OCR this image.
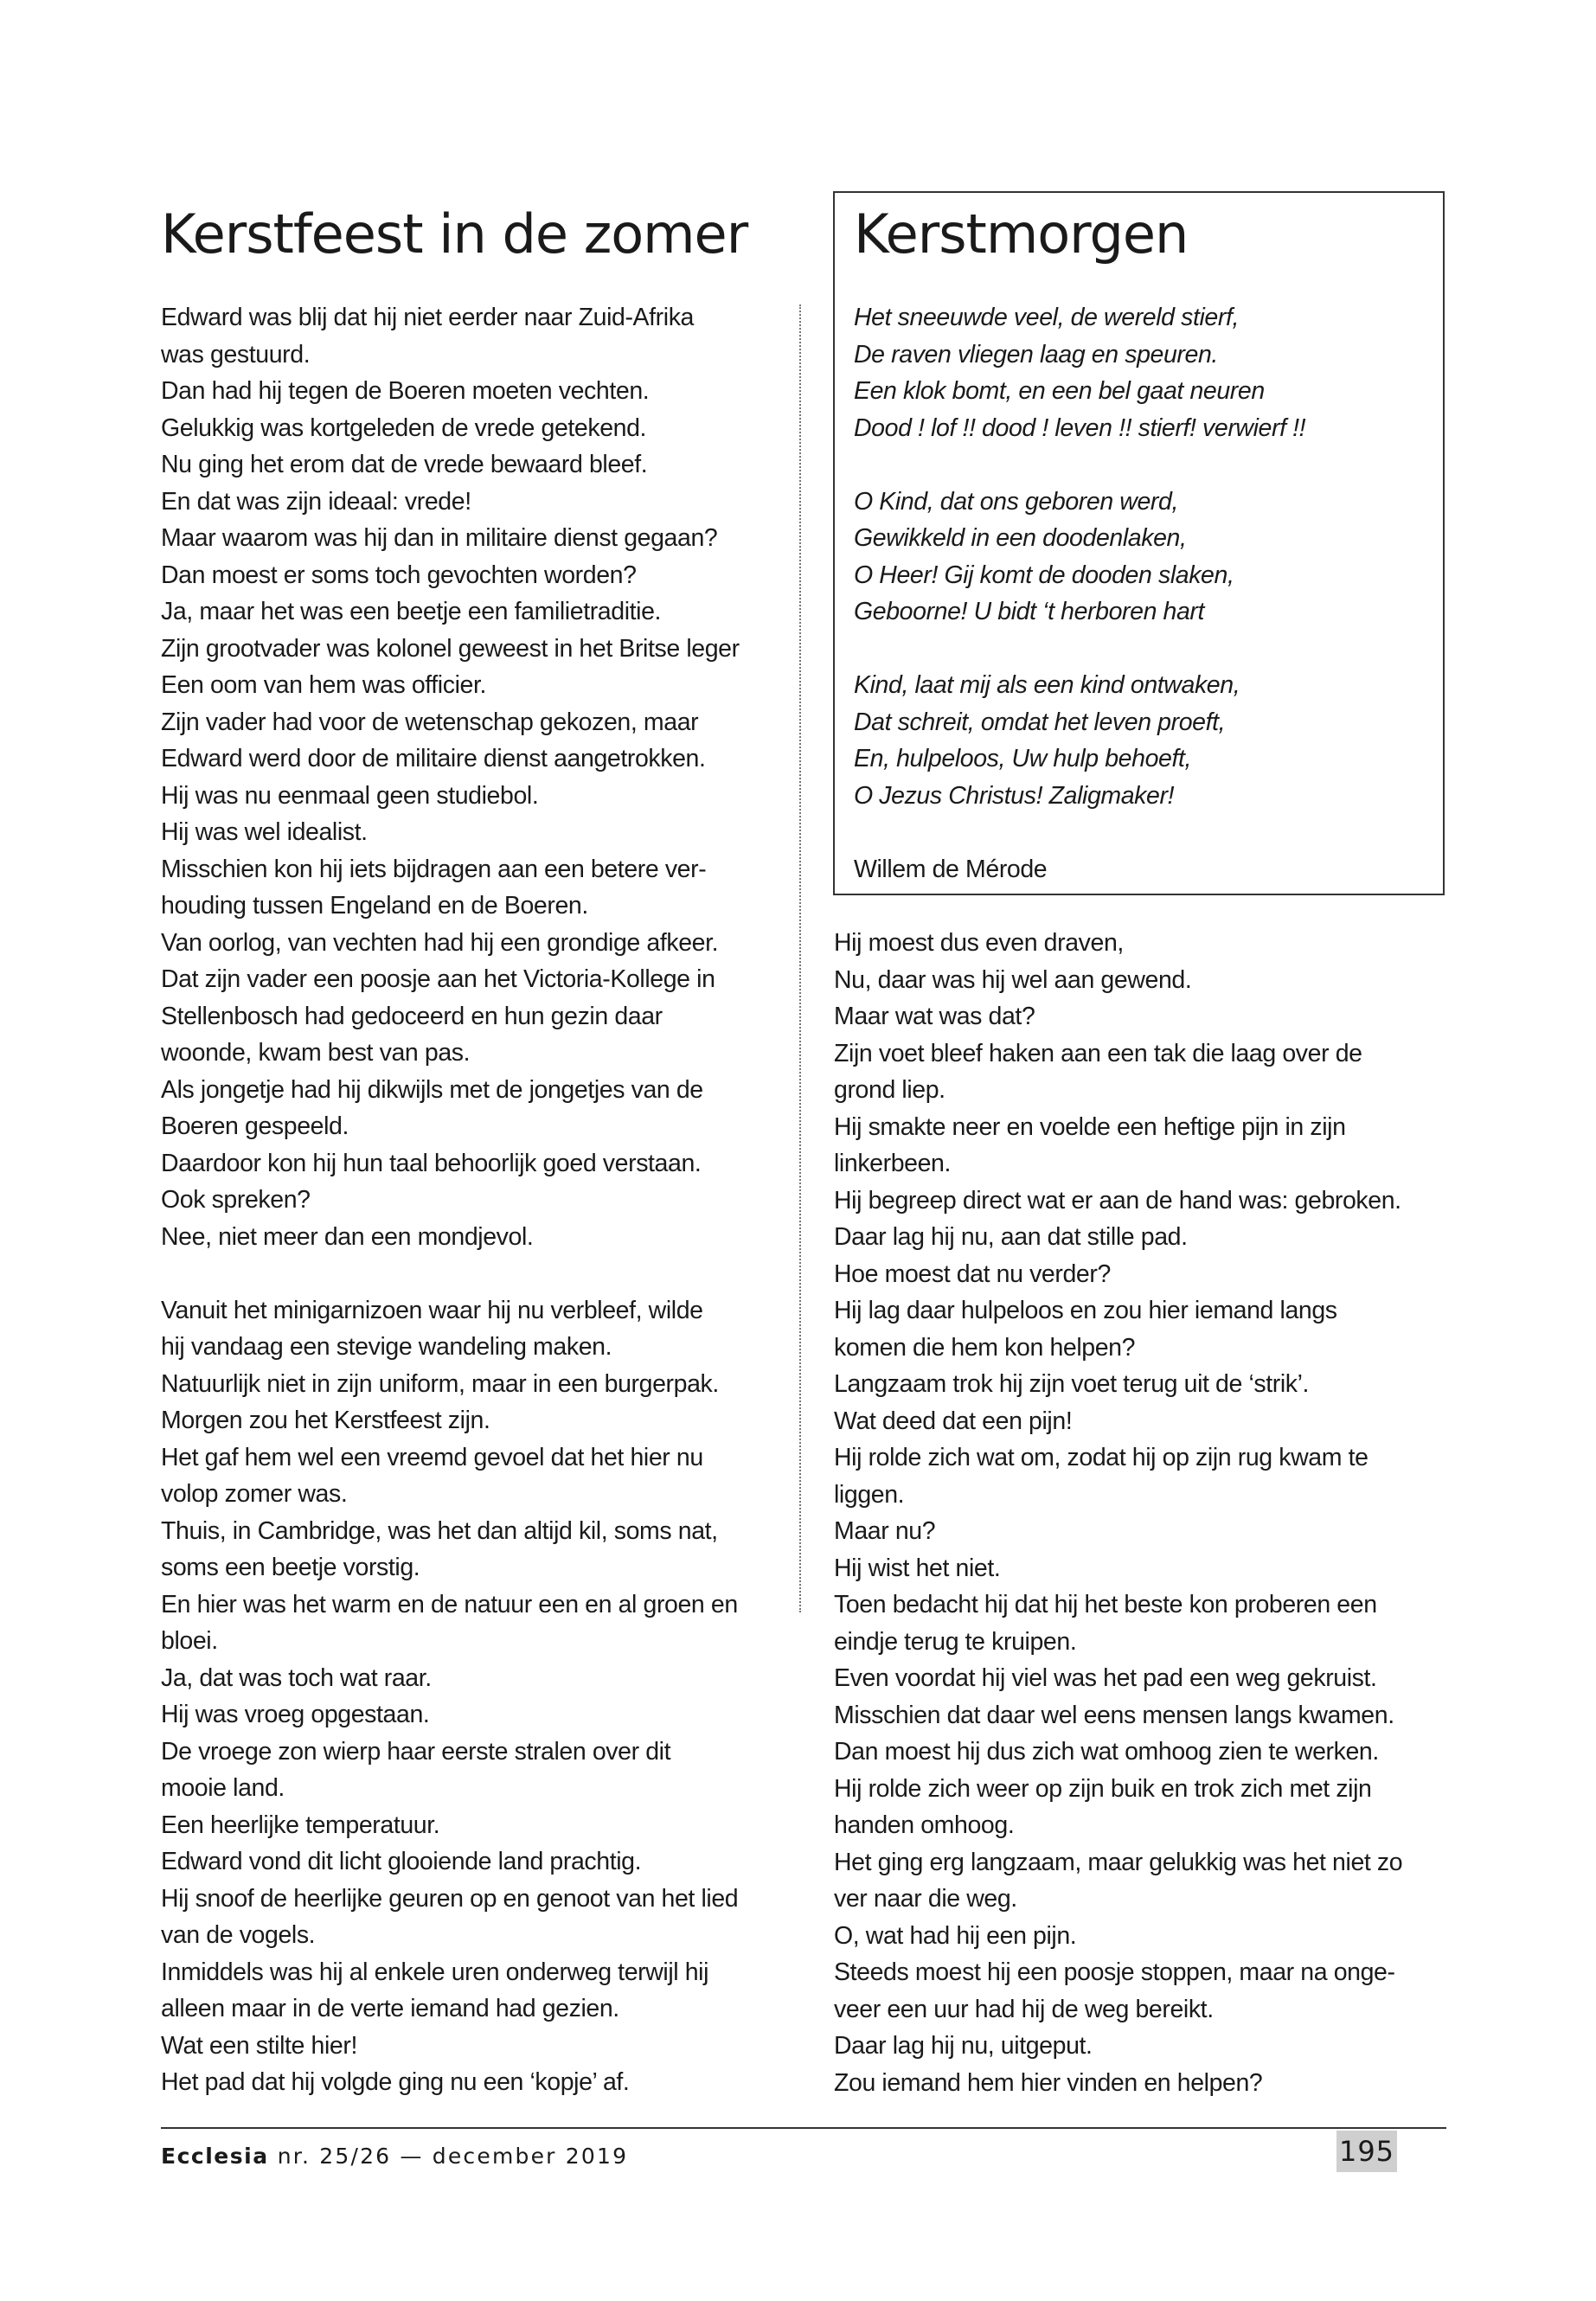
Kerstfeest in de zomer Kerstmorgen
Het sneeuwde veel, de wereld stierf,
De raven vliegen laag en speuren.
Een klok bomt, en een bel gaat neuren
Dood ! lof !! dood ! leven !! stierf! verwierf !!
O Kind, dat ons geboren werd,
Gewikkeld in een doodenlaken,
O Heer! Gij komt de dooden slaken,
Geboorne! U bidt ‘t herboren hart
Kind, laat mij als een kind ontwaken,
Dat schreit, omdat het leven proeft,
En, hulpeloos, Uw hulp behoeft,
O Jezus Christus! Zaligmaker!
Willem de Mérode
Edward was blij dat hij niet eerder naar Zuid-Afrika
was gestuurd.
Dan had hij tegen de Boeren moeten vechten.
Gelukkig was kortgeleden de vrede getekend.
Nu ging het erom dat de vrede bewaard bleef.
En dat was zijn ideaal: vrede!
Maar waarom was hij dan in militaire dienst gegaan?
Dan moest er soms toch gevochten worden?
Ja, maar het was een beetje een familietraditie.
Zijn grootvader was kolonel geweest in het Britse leger
Een oom van hem was officier.
Zijn vader had voor de wetenschap gekozen, maar
Edward werd door de militaire dienst aangetrokken.
Hij was nu eenmaal geen studiebol.
Hij was wel idealist.
Misschien kon hij iets bijdragen aan een betere ver-
houding tussen Engeland en de Boeren.
Van oorlog, van vechten had hij een grondige afkeer.
Dat zijn vader een poosje aan het Victoria-Kollege in
Stellenbosch had gedoceerd en hun gezin daar
woonde, kwam best van pas.
Als jongetje had hij dikwijls met de jongetjes van de
Boeren gespeeld.
Daardoor kon hij hun taal behoorlijk goed verstaan.
Ook spreken?
Nee, niet meer dan een mondjevol.
Vanuit het minigarnizoen waar hij nu verbleef, wilde
hij vandaag een stevige wandeling maken.
Natuurlijk niet in zijn uniform, maar in een burgerpak.
Morgen zou het Kerstfeest zijn.
Het gaf hem wel een vreemd gevoel dat het hier nu
volop zomer was.
Thuis, in Cambridge, was het dan altijd kil, soms nat,
soms een beetje vorstig.
En hier was het warm en de natuur een en al groen en
bloei.
Ja, dat was toch wat raar.
Hij was vroeg opgestaan.
De vroege zon wierp haar eerste stralen over dit
mooie land.
Een heerlijke temperatuur.
Edward vond dit licht glooiende land prachtig.
Hij snoof de heerlijke geuren op en genoot van het lied
van de vogels.
Inmiddels was hij al enkele uren onderweg terwijl hij
alleen maar in de verte iemand had gezien.
Wat een stilte hier!
Het pad dat hij volgde ging nu een ‘kopje’ af.
Hij moest dus even draven,
Nu, daar was hij wel aan gewend.
Maar wat was dat?
Zijn voet bleef haken aan een tak die laag over de
grond liep.
Hij smakte neer en voelde een heftige pijn in zijn
linkerbeen.
Hij begreep direct wat er aan de hand was: gebroken.
Daar lag hij nu, aan dat stille pad.
Hoe moest dat nu verder?
Hij lag daar hulpeloos en zou hier iemand langs
komen die hem kon helpen?
Langzaam trok hij zijn voet terug uit de ‘strik’.
Wat deed dat een pijn!
Hij rolde zich wat om, zodat hij op zijn rug kwam te
liggen.
Maar nu?
Hij wist het niet.
Toen bedacht hij dat hij het beste kon proberen een
eindje terug te kruipen.
Even voordat hij viel was het pad een weg gekruist.
Misschien dat daar wel eens mensen langs kwamen.
Dan moest hij dus zich wat omhoog zien te werken.
Hij rolde zich weer op zijn buik en trok zich met zijn
handen omhoog.
Het ging erg langzaam, maar gelukkig was het niet zo
ver naar die weg.
O, wat had hij een pijn.
Steeds moest hij een poosje stoppen, maar na onge-
veer een uur had hij de weg bereikt.
Daar lag hij nu, uitgeput.
Zou iemand hem hier vinden en helpen?
Ecclesia nr. 25/26 — december 2019	195
